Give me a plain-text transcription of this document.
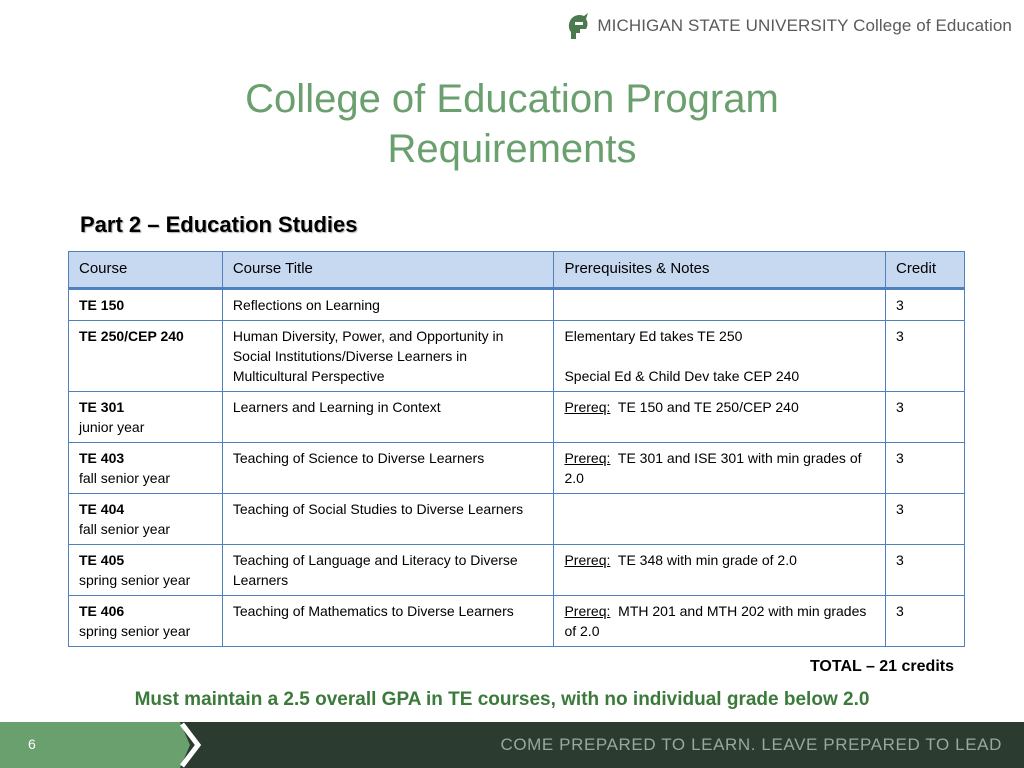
MICHIGAN STATE UNIVERSITY College of Education
College of Education Program
Requirements
Part 2 – Education Studies
Course	Course Title	Prerequisites & Notes	Credit

TE 150	Reflections on Learning		3

TE 250/CEP 240	Human Diversity, Power, and Opportunity in Social Institutions/Diverse Learners in Multicultural Perspective	Elementary Ed takes TE 250
Special Ed & Child Dev take CEP 240	3

TE 301
junior year	Learners and Learning in Context	Prereq: TE 150 and TE 250/CEP 240	3

TE 403
fall senior year	Teaching of Science to Diverse Learners	Prereq: TE 301 and ISE 301 with min grades of 2.0	3

TE 404
fall senior year	Teaching of Social Studies to Diverse Learners		3

TE 405
spring senior year	Teaching of Language and Literacy to Diverse Learners	Prereq: TE 348 with min grade of 2.0	3

TE 406
spring senior year	Teaching of Mathematics to Diverse Learners	Prereq: MTH 201 and MTH 202 with min grades of 2.0	3
TOTAL – 21 credits
Must maintain a 2.5 overall GPA in TE courses, with no individual grade below 2.0
6	COME PREPARED TO LEARN. LEAVE PREPARED TO LEAD
